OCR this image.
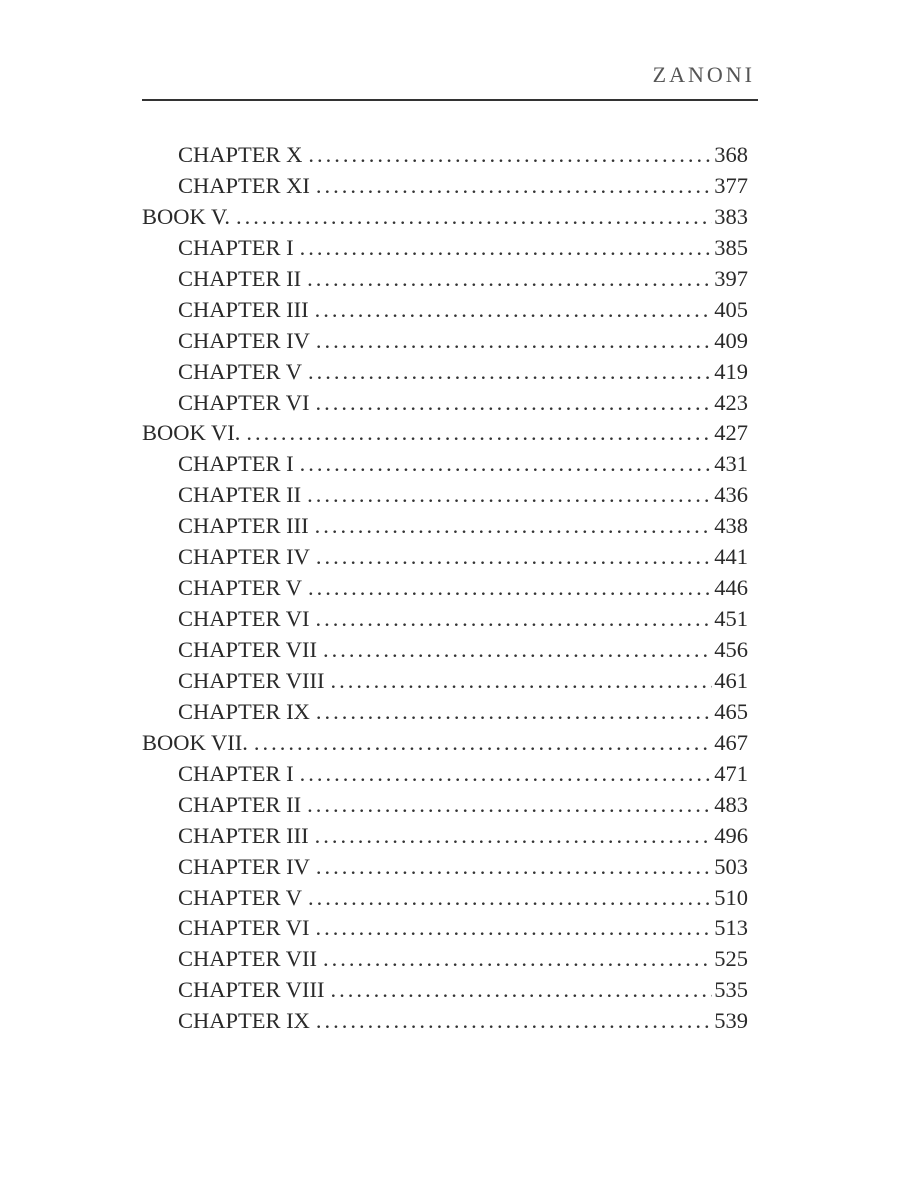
ZANONI
CHAPTER X .....	368
CHAPTER XI .....	377
BOOK V. .....	383
CHAPTER I .....	385
CHAPTER II .....	397
CHAPTER III .....	405
CHAPTER IV .....	409
CHAPTER V .....	419
CHAPTER VI .....	423
BOOK VI. .....	427
CHAPTER I .....	431
CHAPTER II .....	436
CHAPTER III .....	438
CHAPTER IV .....	441
CHAPTER V .....	446
CHAPTER VI .....	451
CHAPTER VII .....	456
CHAPTER VIII .....	461
CHAPTER IX .....	465
BOOK VII. .....	467
CHAPTER I .....	471
CHAPTER II .....	483
CHAPTER III .....	496
CHAPTER IV .....	503
CHAPTER V .....	510
CHAPTER VI .....	513
CHAPTER VII .....	525
CHAPTER VIII .....	535
CHAPTER IX .....	539
